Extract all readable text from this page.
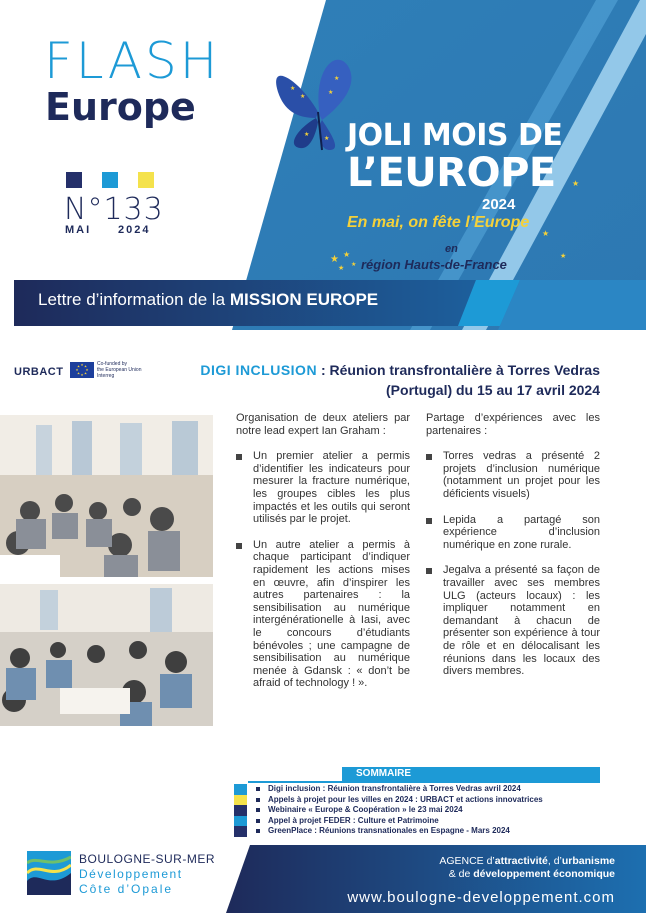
★ ★
★ ★
★
★
★
★
★
★
★
★
★
FLASH
Europe
N°133
MAI 2024
JOLI MOIS DE
L’EUROPE
2024
En mai, on fête l’Europe
en
région Hauts-de-France
Lettre d’information de la MISSION EUROPE
URBACT
★ ★
★
★
★
★
★
★	Co-funded by
the European Union
Interreg	DIGI INCLUSION : Réunion transfrontalière à Torres Vedras (Portugal) du 15 au 17 avril 2024

Organisation de deux ateliers par notre lead expert Ian Graham :

Un premier atelier a permis d’identifier les indicateurs pour mesurer la fracture numérique, les groupes cibles les plus impactés et les outils qui seront utilisés par le projet.
Un autre atelier a permis à chaque participant d’indiquer rapidement les actions mises en œuvre, afin d’inspirer les autres partenaires : la sensibilisation au numérique intergénérationelle à Iasi, avec le concours d’étudiants bénévoles ; une campagne de sensibilisation au numérique menée à Gdansk : « don’t be afraid of technology ! ».

Partage d’expériences avec les partenaires :

Torres vedras a présenté 2 projets d’inclusion numérique (notamment un projet pour les déficients visuels)
Lepida a partagé son expérience d’inclusion numérique en zone rurale.
Jegalva a présenté sa façon de travailler avec ses membres ULG (acteurs locaux) : les impliquer notamment en demandant à chacun de présenter son expérience à tour de rôle et en délocalisant les réunions dans les locaux des divers membres.
SOMMAIRE
Digi inclusion : Réunion transfrontalière à Torres Vedras avril 2024
Appels à projet pour les villes en 2024 : URBACT et actions innovatrices
Webinaire « Europe & Coopération » le 23 mai 2024
Appel à projet FEDER : Culture et Patrimoine
GreenPlace : Réunions transnationales en Espagne - Mars 2024
BOULOGNE-SUR-MER
Développement
Côte d’Opale
AGENCE d’attractivité, d’urbanisme
& de développement économique
www.boulogne-developpement.com
